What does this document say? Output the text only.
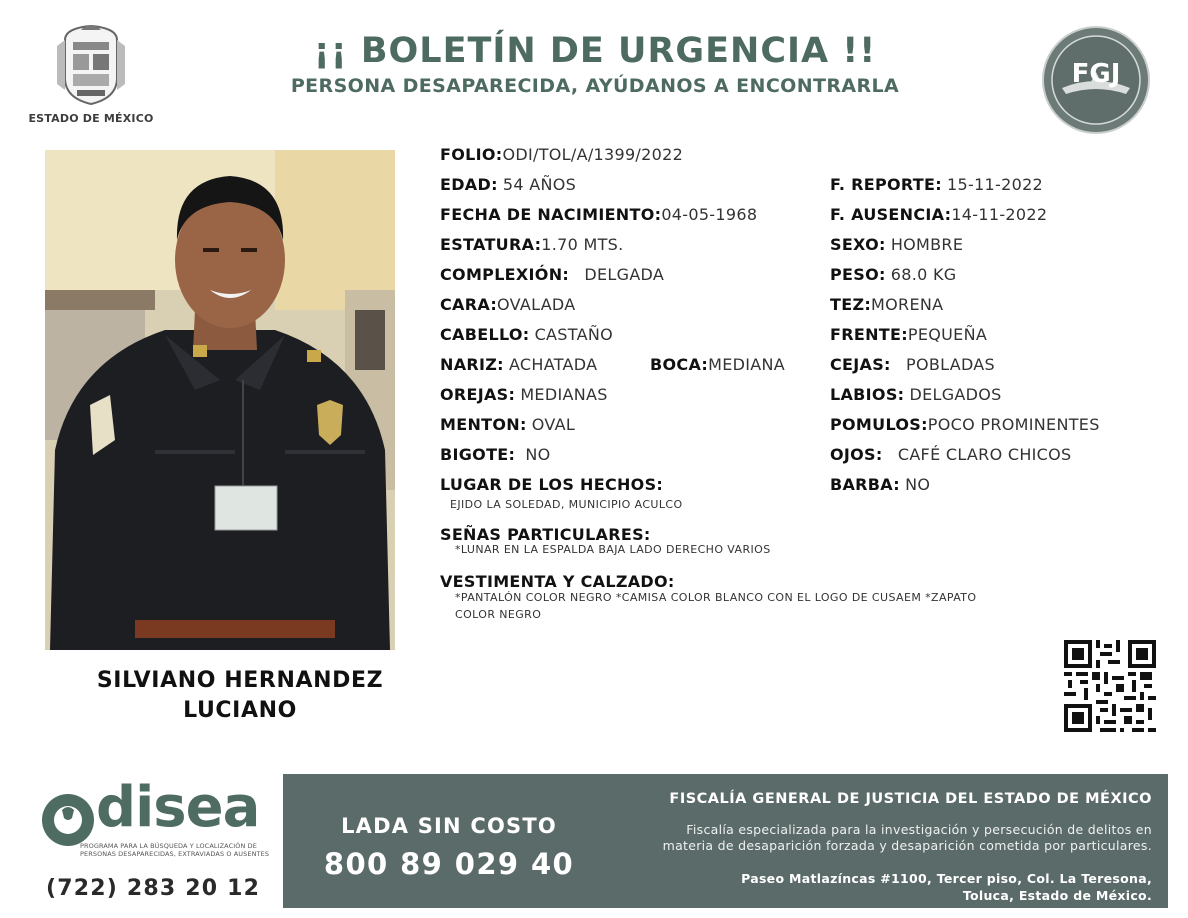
ESTADO DE MÉXICO
¡¡ BOLETÍN DE URGENCIA !!
PERSONA DESAPARECIDA, AYÚDANOS A ENCONTRARLA	FGJ
SILVIANO HERNANDEZ
LUCIANO
FOLIO:ODI/TOL/A/1399/2022
EDAD: 54 AÑOS
FECHA DE NACIMIENTO:04-05-1968
ESTATURA:1.70 MTS.
COMPLEXIÓN: DELGADA
CARA:OVALADA
CABELLO: CASTAÑO
NARIZ: ACHATADA	BOCA:MEDIANA
OREJAS: MEDIANAS
MENTON: OVAL
BIGOTE: NO
F. REPORTE: 15-11-2022
F. AUSENCIA:14-11-2022
SEXO: HOMBRE
PESO: 68.0 KG
TEZ:MORENA
FRENTE:PEQUEÑA
CEJAS: POBLADAS
LABIOS: DELGADOS
POMULOS:POCO PROMINENTES
OJOS: CAFÉ CLARO CHICOS
BARBA: NO
LUGAR DE LOS HECHOS:
EJIDO LA SOLEDAD, MUNICIPIO ACULCO
SEÑAS PARTICULARES:
*LUNAR EN LA ESPALDA BAJA LADO DERECHO VARIOS
VESTIMENTA Y CALZADO:
*PANTALÓN COLOR NEGRO *CAMISA COLOR BLANCO CON EL LOGO DE CUSAEM *ZAPATO
COLOR NEGRO
disea
PROGRAMA PARA LA BÚSQUEDA Y LOCALIZACIÓN DE PERSONAS DESAPARECIDAS, EXTRAVIADAS O AUSENTES
(722) 283 20 12
LADA SIN COSTO
800 89 029 40
FISCALÍA GENERAL DE JUSTICIA DEL ESTADO DE MÉXICO
Fiscalía especializada para la investigación y persecución de delitos en
materia de desaparición forzada y desaparición cometida por particulares.
Paseo Matlazíncas #1100, Tercer piso, Col. La Teresona,
Toluca, Estado de México.
